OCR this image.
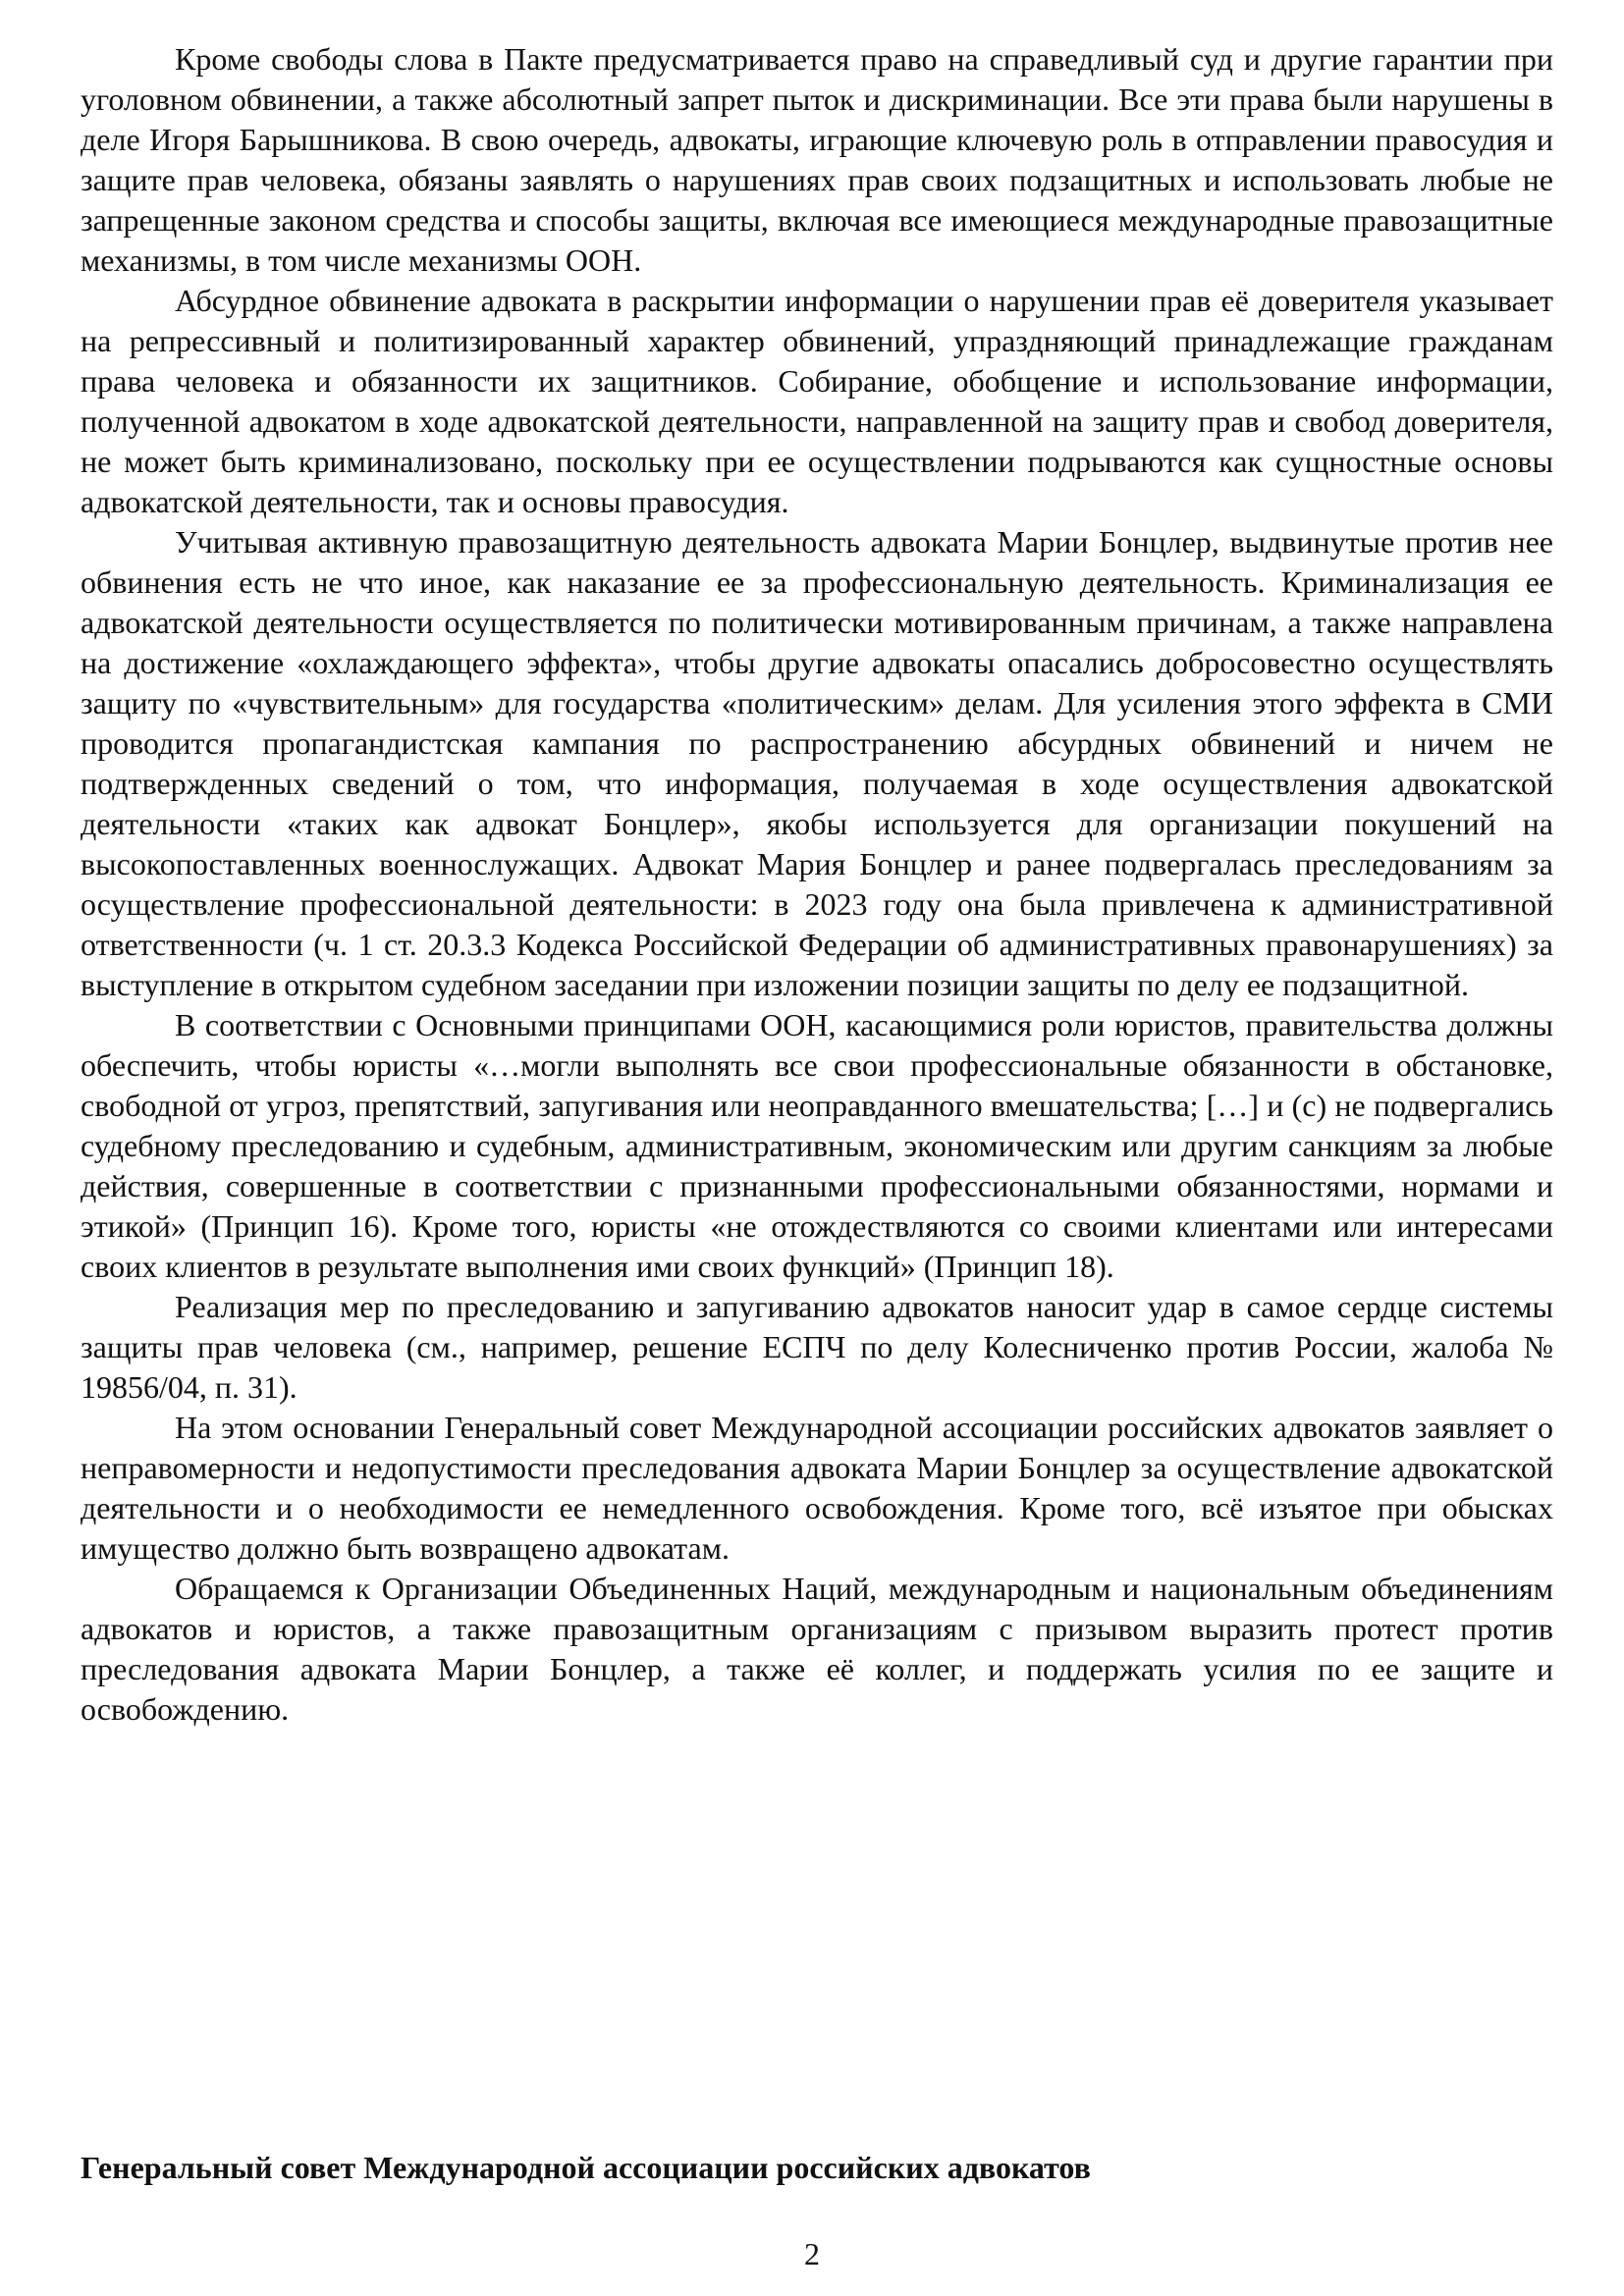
Кроме свободы слова в Пакте предусматривается право на справедливый суд и другие гарантии при уголовном обвинении, а также абсолютный запрет пыток и дискриминации. Все эти права были нарушены в деле Игоря Барышникова. В свою очередь, адвокаты, играющие ключевую роль в отправлении правосудия и защите прав человека, обязаны заявлять о нарушениях прав своих подзащитных и использовать любые не запрещенные законом средства и способы защиты, включая все имеющиеся международные правозащитные механизмы, в том числе механизмы ООН.

Абсурдное обвинение адвоката в раскрытии информации о нарушении прав её доверителя указывает на репрессивный и политизированный характер обвинений, упраздняющий принадлежащие гражданам права человека и обязанности их защитников. Собирание, обобщение и использование информации, полученной адвокатом в ходе адвокатской деятельности, направленной на защиту прав и свобод доверителя, не может быть криминализовано, поскольку при ее осуществлении подрываются как сущностные основы адвокатской деятельности, так и основы правосудия.

Учитывая активную правозащитную деятельность адвоката Марии Бонцлер, выдвинутые против нее обвинения есть не что иное, как наказание ее за профессиональную деятельность. Криминализация ее адвокатской деятельности осуществляется по политически мотивированным причинам, а также направлена на достижение «охлаждающего эффекта», чтобы другие адвокаты опасались добросовестно осуществлять защиту по «чувствительным» для государства «политическим» делам. Для усиления этого эффекта в СМИ проводится пропагандистская кампания по распространению абсурдных обвинений и ничем не подтвержденных сведений о том, что информация, получаемая в ходе осуществления адвокатской деятельности «таких как адвокат Бонцлер», якобы используется для организации покушений на высокопоставленных военнослужащих. Адвокат Мария Бонцлер и ранее подвергалась преследованиям за осуществление профессиональной деятельности: в 2023 году она была привлечена к административной ответственности (ч. 1 ст. 20.3.3 Кодекса Российской Федерации об административных правонарушениях) за выступление в открытом судебном заседании при изложении позиции защиты по делу ее подзащитной.

В соответствии с Основными принципами ООН, касающимися роли юристов, правительства должны обеспечить, чтобы юристы «…могли выполнять все свои профессиональные обязанности в обстановке, свободной от угроз, препятствий, запугивания или неоправданного вмешательства; […] и (c) не подвергались судебному преследованию и судебным, административным, экономическим или другим санкциям за любые действия, совершенные в соответствии с признанными профессиональными обязанностями, нормами и этикой» (Принцип 16). Кроме того, юристы «не отождествляются со своими клиентами или интересами своих клиентов в результате выполнения ими своих функций» (Принцип 18).

Реализация мер по преследованию и запугиванию адвокатов наносит удар в самое сердце системы защиты прав человека (см., например, решение ЕСПЧ по делу Колесниченко против России, жалоба № 19856/04, п. 31).

На этом основании Генеральный совет Международной ассоциации российских адвокатов заявляет о неправомерности и недопустимости преследования адвоката Марии Бонцлер за осуществление адвокатской деятельности и о необходимости ее немедленного освобождения. Кроме того, всё изъятое при обысках имущество должно быть возвращено адвокатам.

Обращаемся к Организации Объединенных Наций, международным и национальным объединениям адвокатов и юристов, а также правозащитным организациям с призывом выразить протест против преследования адвоката Марии Бонцлер, а также её коллег, и поддержать усилия по ее защите и освобождению.

Генеральный совет Международной ассоциации российских адвокатов

2
